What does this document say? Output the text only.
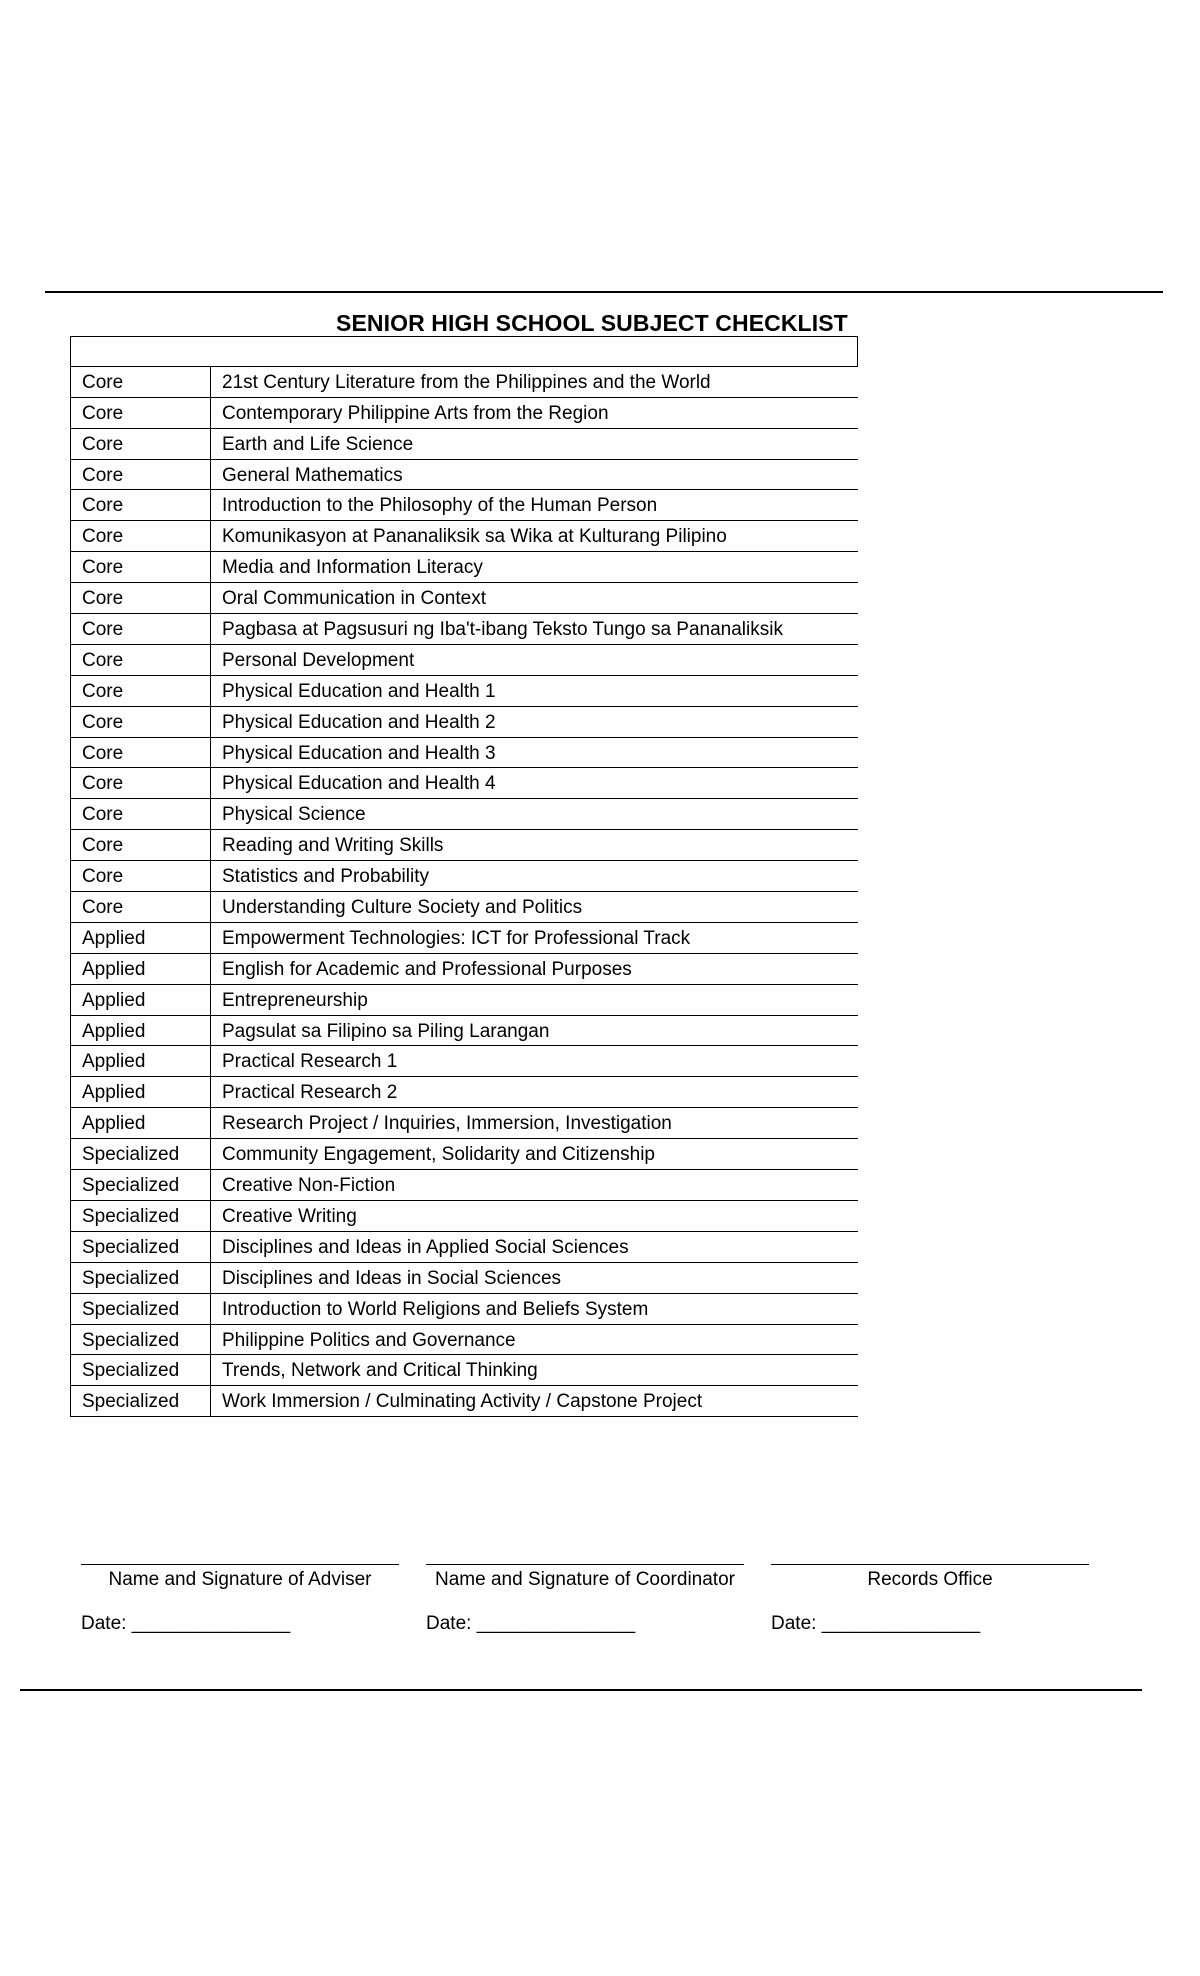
SENIOR HIGH SCHOOL SUBJECT CHECKLIST
Core	21st Century Literature from the Philippines and the World
Core	Contemporary Philippine Arts from the Region
Core	Earth and Life Science
Core	General Mathematics
Core	Introduction to the Philosophy of the Human Person
Core	Komunikasyon at Pananaliksik sa Wika at Kulturang Pilipino
Core	Media and Information Literacy
Core	Oral Communication in Context
Core	Pagbasa at Pagsusuri ng Iba't-ibang Teksto Tungo sa Pananaliksik
Core	Personal Development
Core	Physical Education and Health 1
Core	Physical Education and Health 2
Core	Physical Education and Health 3
Core	Physical Education and Health 4
Core	Physical Science
Core	Reading and Writing Skills
Core	Statistics and Probability
Core	Understanding Culture Society and Politics
Applied	Empowerment Technologies: ICT for Professional Track
Applied	English for Academic and Professional Purposes
Applied	Entrepreneurship
Applied	Pagsulat sa Filipino sa Piling Larangan
Applied	Practical Research 1
Applied	Practical Research 2
Applied	Research Project / Inquiries, Immersion, Investigation
Specialized	Community Engagement, Solidarity and Citizenship
Specialized	Creative Non-Fiction
Specialized	Creative Writing
Specialized	Disciplines and Ideas in Applied Social Sciences
Specialized	Disciplines and Ideas in Social Sciences
Specialized	Introduction to World Religions and Beliefs System
Specialized	Philippine Politics and Governance
Specialized	Trends, Network and Critical Thinking
Specialized	Work Immersion / Culminating Activity / Capstone Project
Name and Signature of Adviser
Date: _______________
Name and Signature of Coordinator
Date: _______________
Records Office
Date: _______________
